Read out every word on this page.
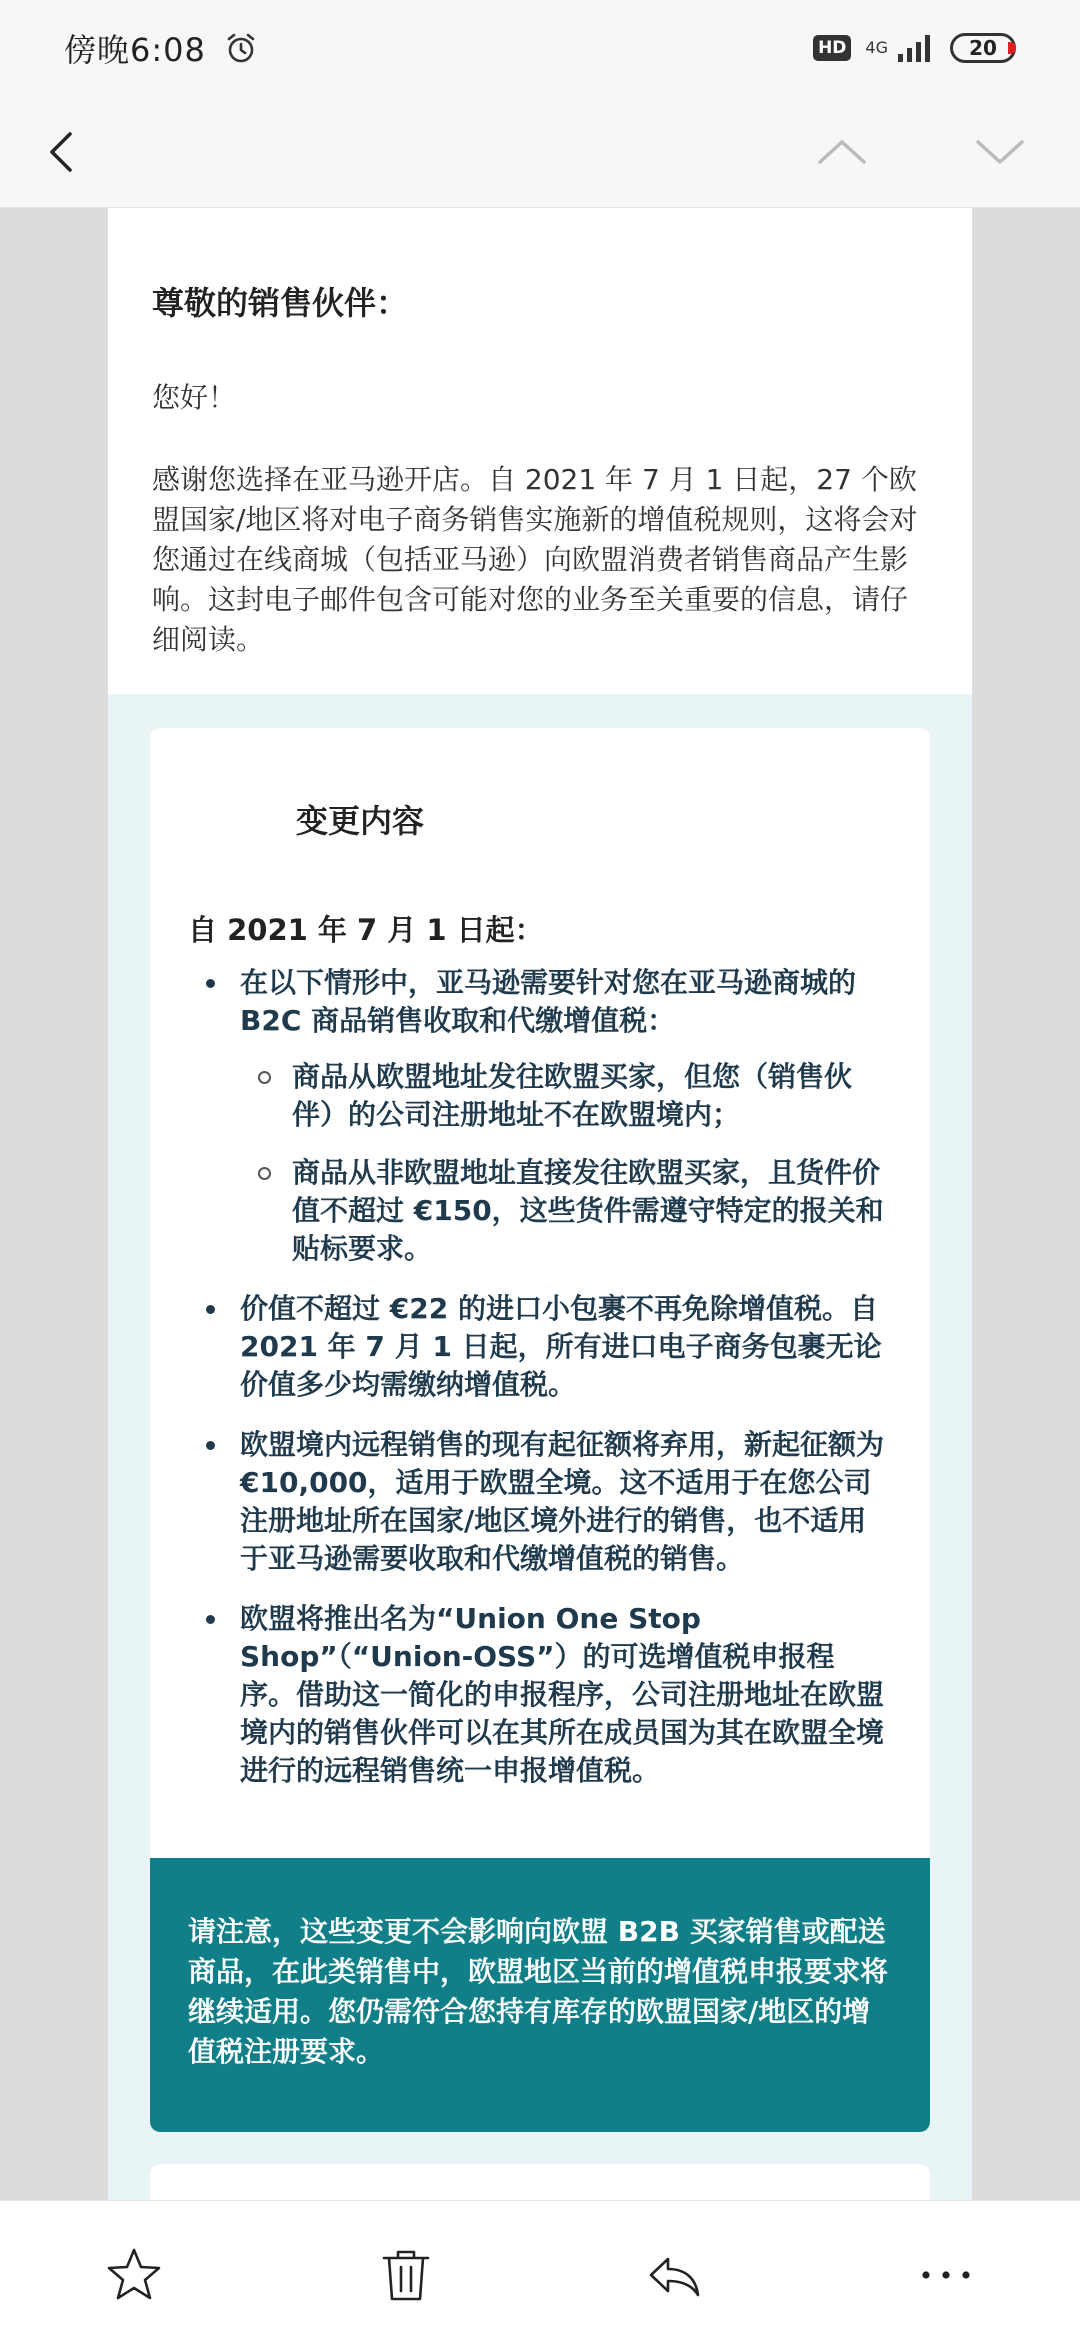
傍晚6:08	HD	4G	20

尊敬的销售伙伴：

您好！

感谢您选择在亚马逊开店。自 2021 年 7 月 1 日起，27 个欧盟国家/地区将对电子商务销售实施新的增值税规则，这将会对您通过在线商城（包括亚马逊）向欧盟消费者销售商品产生影响。这封电子邮件包含可能对您的业务至关重要的信息，请仔细阅读。

变更内容
自 2021 年 7 月 1 日起：
在以下情形中，亚马逊需要针对您在亚马逊商城的 B2C 商品销售收取和代缴增值税：
商品从欧盟地址发往欧盟买家，但您（销售伙伴）的公司注册地址不在欧盟境内；
商品从非欧盟地址直接发往欧盟买家，且货件价值不超过 €150，这些货件需遵守特定的报关和贴标要求。
价值不超过 €22 的进口小包裹不再免除增值税。自 2021 年 7 月 1 日起，所有进口电子商务包裹无论价值多少均需缴纳增值税。
欧盟境内远程销售的现有起征额将弃用，新起征额为 €10,000，适用于欧盟全境。这不适用于在您公司注册地址所在国家/地区境外进行的销售，也不适用于亚马逊需要收取和代缴增值税的销售。
欧盟将推出名为“Union One Stop Shop”（“Union-OSS”）的可选增值税申报程序。借助这一简化的申报程序，公司注册地址在欧盟境内的销售伙伴可以在其所在成员国为其在欧盟全境进行的远程销售统一申报增值税。
请注意，这些变更不会影响向欧盟 B2B 买家销售或配送商品，在此类销售中，欧盟地区当前的增值税申报要求将继续适用。您仍需符合您持有库存的欧盟国家/地区的增值税注册要求。
